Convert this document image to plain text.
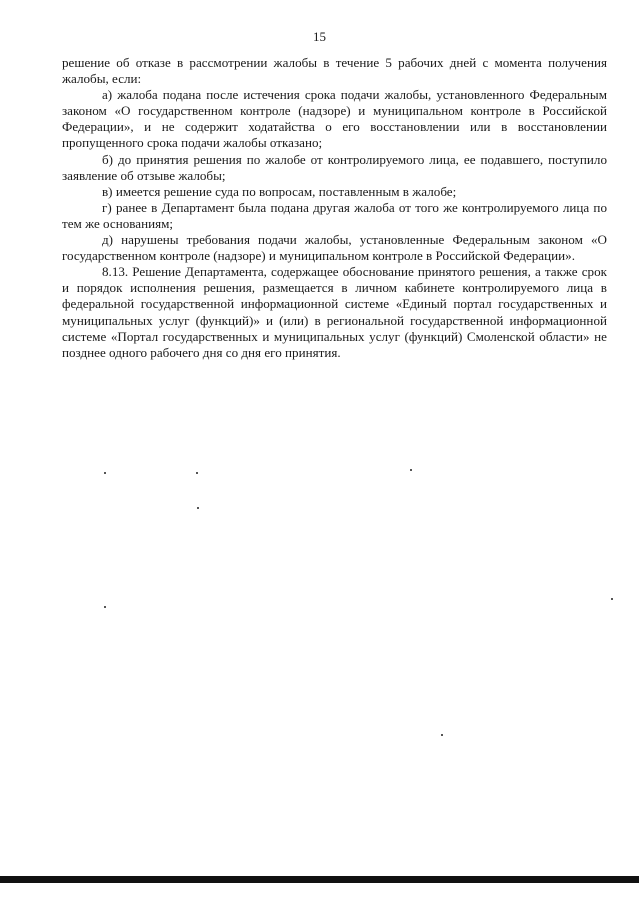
15

решение об отказе в рассмотрении жалобы в течение 5 рабочих дней с момента получения жалобы, если:

а) жалоба подана после истечения срока подачи жалобы, установленного Федеральным законом «О государственном контроле (надзоре) и муниципальном контроле в Российской Федерации», и не содержит ходатайства о его восстановлении или в восстановлении пропущенного срока подачи жалобы отказано;

б) до принятия решения по жалобе от контролируемого лица, ее подавшего, поступило заявление об отзыве жалобы;

в) имеется решение суда по вопросам, поставленным в жалобе;

г) ранее в Департамент была подана другая жалоба от того же контролируемого лица по тем же основаниям;

д) нарушены требования подачи жалобы, установленные Федеральным законом «О государственном контроле (надзоре) и муниципальном контроле в Российской Федерации».

8.13. Решение Департамента, содержащее обоснование принятого решения, а также срок и порядок исполнения решения, размещается в личном кабинете контролируемого лица в федеральной государственной информационной системе «Единый портал государственных и муниципальных услуг (функций)» и (или) в региональной государственной информационной системе «Портал государственных и муниципальных услуг (функций) Смоленской области» не позднее одного рабочего дня со дня его принятия.
